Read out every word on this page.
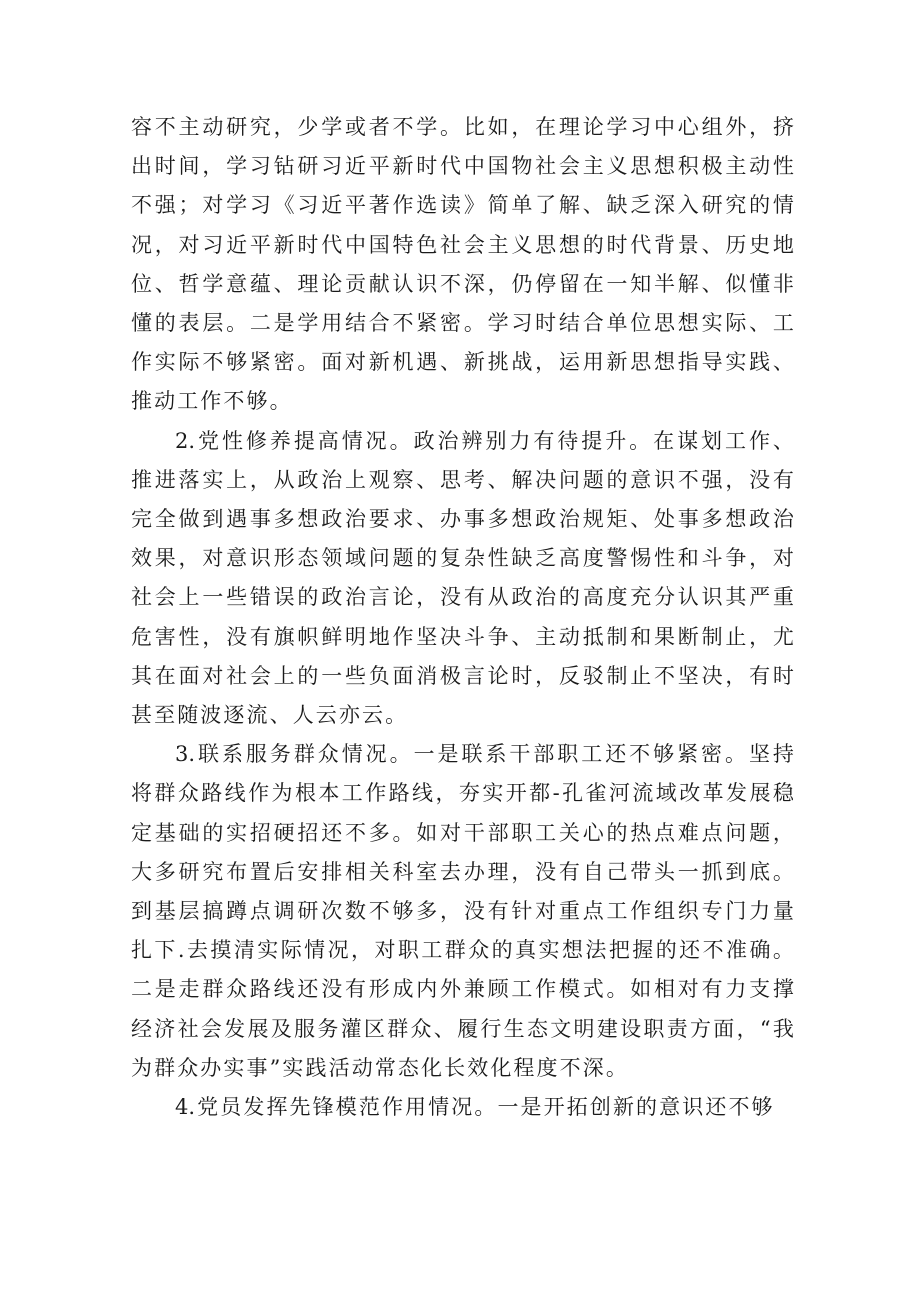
容不主动研究，少学或者不学。比如，在理论学习中心组外，挤出时间，学习钻研习近平新时代中国物社会主义思想积极主动性不强；对学习《习近平著作选读》简单了解、缺乏深入研究的情况，对习近平新时代中国特色社会主义思想的时代背景、历史地位、哲学意蕴、理论贡献认识不深，仍停留在一知半解、似懂非懂的表层。二是学用结合不紧密。学习时结合单位思想实际、工作实际不够紧密。面对新机遇、新挑战，运用新思想指导实践、推动工作不够。

2.党性修养提高情况。政治辨别力有待提升。在谋划工作、推进落实上，从政治上观察、思考、解决问题的意识不强，没有完全做到遇事多想政治要求、办事多想政治规矩、处事多想政治效果，对意识形态领域问题的复杂性缺乏高度警惕性和斗争，对社会上一些错误的政治言论，没有从政治的高度充分认识其严重危害性，没有旗帜鲜明地作坚决斗争、主动抵制和果断制止，尤其在面对社会上的一些负面消极言论时，反驳制止不坚决，有时甚至随波逐流、人云亦云。

3.联系服务群众情况。一是联系干部职工还不够紧密。坚持将群众路线作为根本工作路线，夯实开都-孔雀河流域改革发展稳定基础的实招硬招还不多。如对干部职工关心的热点难点问题，大多研究布置后安排相关科室去办理，没有自己带头一抓到底。到基层搞蹲点调研次数不够多，没有针对重点工作组织专门力量扎下.去摸清实际情况，对职工群众的真实想法把握的还不准确。二是走群众路线还没有形成内外兼顾工作模式。如相对有力支撑经济社会发展及服务灌区群众、履行生态文明建设职责方面，“我为群众办实事”实践活动常态化长效化程度不深。

4.党员发挥先锋模范作用情况。一是开拓创新的意识还不够
